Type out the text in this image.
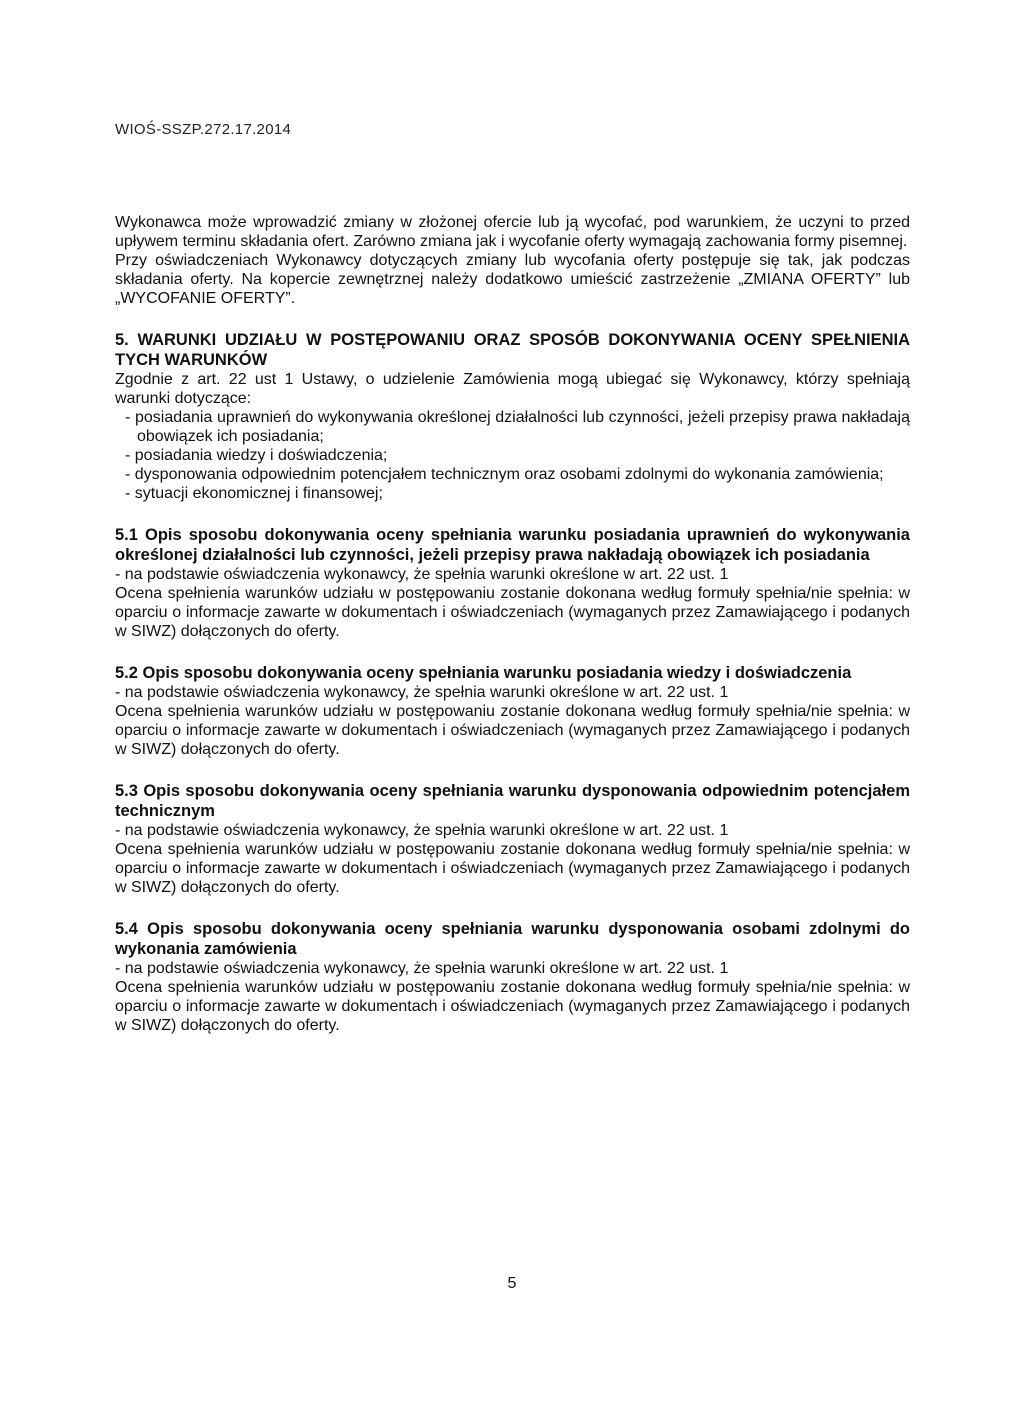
WIOŚ-SSZP.272.17.2014

Wykonawca może wprowadzić zmiany w złożonej ofercie lub ją wycofać, pod warunkiem, że uczyni to przed upływem terminu składania ofert. Zarówno zmiana jak i wycofanie oferty wymagają zachowania formy pisemnej.

Przy oświadczeniach Wykonawcy dotyczących zmiany lub wycofania oferty postępuje się tak, jak podczas składania oferty. Na kopercie zewnętrznej należy dodatkowo umieścić zastrzeżenie „ZMIANA OFERTY” lub „WYCOFANIE OFERTY”.

5. WARUNKI UDZIAŁU W POSTĘPOWANIU ORAZ SPOSÓB DOKONYWANIA OCENY SPEŁNIENIA TYCH WARUNKÓW

Zgodnie z art. 22 ust 1 Ustawy, o udzielenie Zamówienia mogą ubiegać się Wykonawcy, którzy spełniają warunki dotyczące:

- posiadania uprawnień do wykonywania określonej działalności lub czynności, jeżeli przepisy prawa nakładają obowiązek ich posiadania;
- posiadania wiedzy i doświadczenia;
- dysponowania odpowiednim potencjałem technicznym oraz osobami zdolnymi do wykonania zamówienia;
- sytuacji ekonomicznej i finansowej;

5.1 Opis sposobu dokonywania oceny spełniania warunku posiadania uprawnień do wykonywania określonej działalności lub czynności, jeżeli przepisy prawa nakładają obowiązek ich posiadania

- na podstawie oświadczenia wykonawcy, że spełnia warunki określone w art. 22 ust. 1

Ocena spełnienia warunków udziału w postępowaniu zostanie dokonana według formuły spełnia/nie spełnia: w oparciu o informacje zawarte w dokumentach i oświadczeniach (wymaganych przez Zamawiającego i podanych w SIWZ) dołączonych do oferty.

5.2 Opis sposobu dokonywania oceny spełniania warunku posiadania wiedzy i doświadczenia

- na podstawie oświadczenia wykonawcy, że spełnia warunki określone w art. 22 ust. 1

Ocena spełnienia warunków udziału w postępowaniu zostanie dokonana według formuły spełnia/nie spełnia: w oparciu o informacje zawarte w dokumentach i oświadczeniach (wymaganych przez Zamawiającego i podanych w SIWZ) dołączonych do oferty.

5.3 Opis sposobu dokonywania oceny spełniania warunku dysponowania odpowiednim potencjałem technicznym

- na podstawie oświadczenia wykonawcy, że spełnia warunki określone w art. 22 ust. 1

Ocena spełnienia warunków udziału w postępowaniu zostanie dokonana według formuły spełnia/nie spełnia: w oparciu o informacje zawarte w dokumentach i oświadczeniach (wymaganych przez Zamawiającego i podanych w SIWZ) dołączonych do oferty.

5.4 Opis sposobu dokonywania oceny spełniania warunku dysponowania osobami zdolnymi do wykonania zamówienia

- na podstawie oświadczenia wykonawcy, że spełnia warunki określone w art. 22 ust. 1

Ocena spełnienia warunków udziału w postępowaniu zostanie dokonana według formuły spełnia/nie spełnia: w oparciu o informacje zawarte w dokumentach i oświadczeniach (wymaganych przez Zamawiającego i podanych w SIWZ) dołączonych do oferty.

5
